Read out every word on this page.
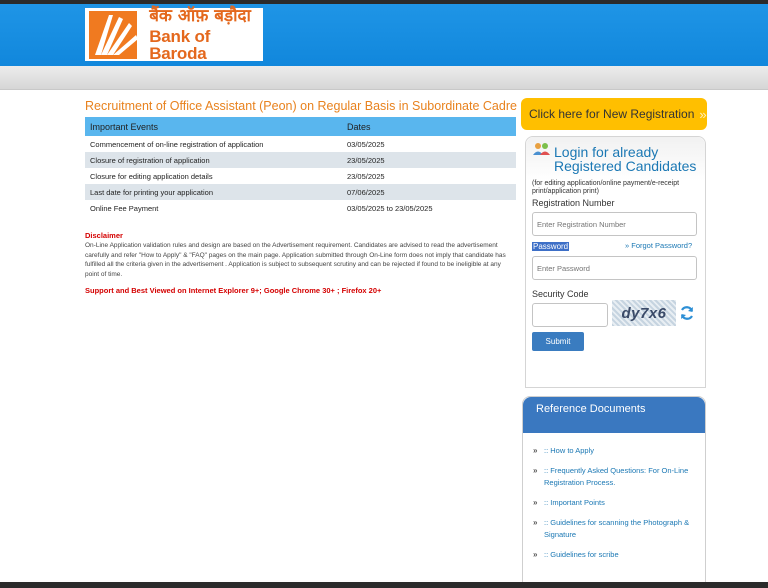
बैंक ऑफ़ बड़ौदा
Bank of Baroda
Recruitment of Office Assistant (Peon) on Regular Basis in Subordinate Cadre
Important Events	Dates
Commencement of on-line registration of application	03/05/2025
Closure of registration of application	23/05/2025
Closure for editing application details	23/05/2025
Last date for printing your application	07/06/2025
Online Fee Payment	03/05/2025 to 23/05/2025
Disclaimer

On-Line Application validation rules and design are based on the Advertisement requirement. Candidates are advised to read the advertisement carefully and refer "How to Apply" & "FAQ" pages on the main page. Application submitted through On-Line form does not imply that candidate has fulfilled all the criteria given in the advertisement . Application is subject to subsequent scrutiny and can be rejected if found to be ineligible at any point of time.

Support and Best Viewed on Internet Explorer 9+; Google Chrome 30+ ; Firefox 20+
Click here for New Registration »
Login for already
Registered Candidates
(for editing application/online payment/e-receipt print/application print)
Registration Number
Enter Registration Number
Password	» Forgot Password?
Security Code
dy7x6
Submit
Reference Documents
» :: How to Apply
» :: Frequently Asked Questions: For On-Line Registration Process.
» :: Important Points
» :: Guidelines for scanning the Photograph & Signature
» :: Guidelines for scribe
